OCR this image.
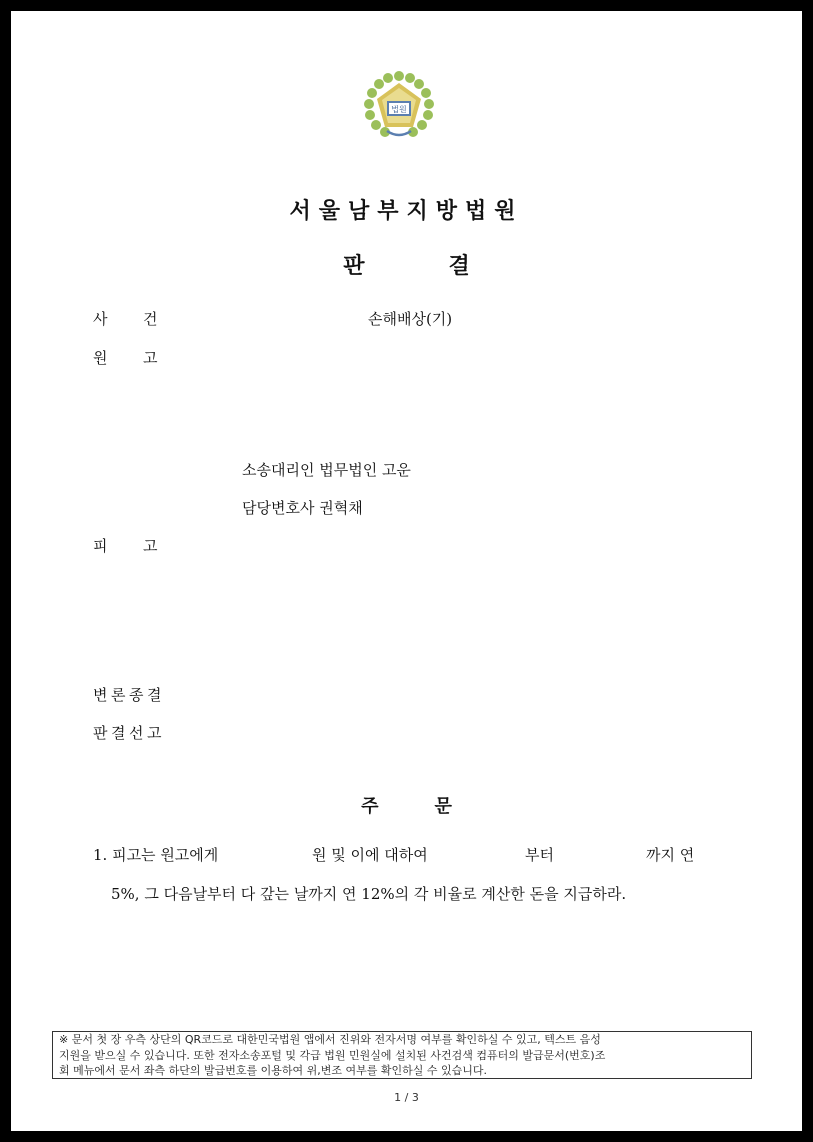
법원
서울남부지방법원
판	결
사 건	손해배상(기)
원 고
소송대리인 법무법인 고운
담당변호사 권혁채
피 고
변 론 종 결
판 결 선 고
주	문
1. 피고는 원고에게	원 및 이에 대하여	부터	까지 연
5%, 그 다음날부터 다 갚는 날까지 연 12%의 각 비율로 계산한 돈을 지급하라.
※ 문서 첫 장 우측 상단의 QR코드로 대한민국법원 앱에서 진위와 전자서명 여부를 확인하실 수 있고, 텍스트 음성
지원을 받으실 수 있습니다. 또한 전자소송포털 및 각급 법원 민원실에 설치된 사건검색 컴퓨터의 발급문서(번호)조
회 메뉴에서 문서 좌측 하단의 발급번호를 이용하여 위,변조 여부를 확인하실 수 있습니다.
1 / 3
